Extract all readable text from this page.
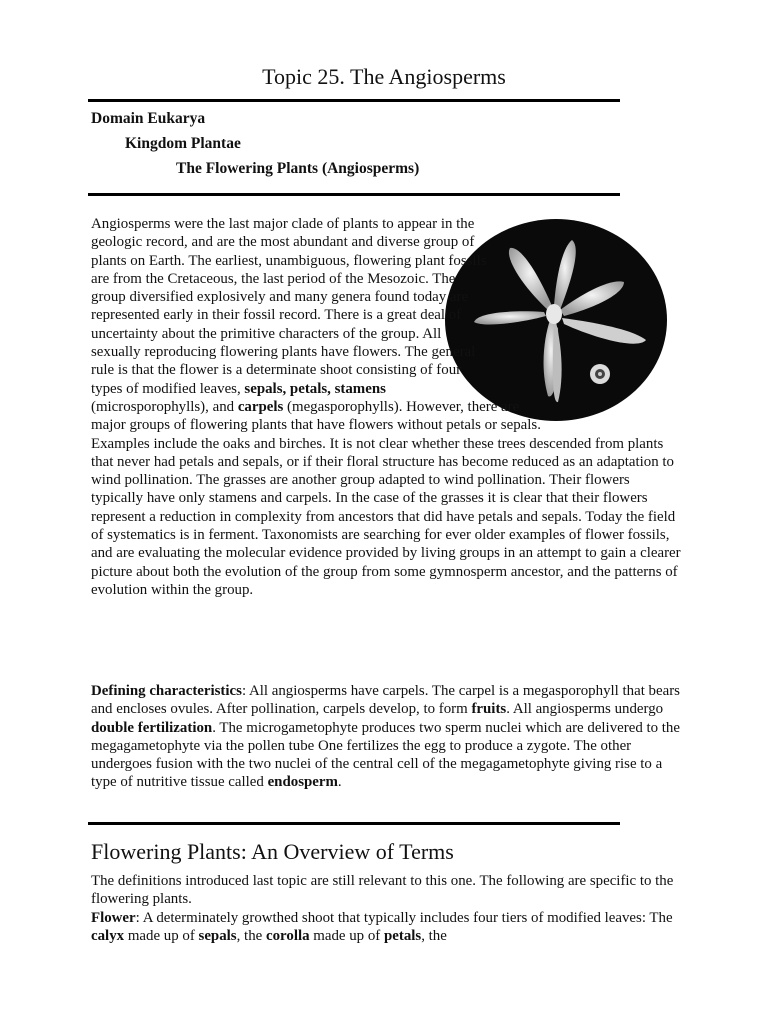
Topic 25. The Angiosperms
Domain Eukarya
Kingdom Plantae
The Flowering Plants (Angiosperms)

Angiosperms were the last major clade of plants to appear in the geologic record, and are the most abundant and diverse group of plants on Earth. The earliest, unambiguous, flowering plant fossils are from the Cretaceous, the last period of the Mesozoic. The group diversified explosively and many genera found today are represented early in their fossil record. There is a great deal of uncertainty about the primitive characters of the group. All sexually reproducing flowering plants have flowers. The general rule is that the flower is a determinate shoot consisting of four types of modified leaves, sepals, petals, stamens (microsporophylls), and carpels (megasporophylls). However, there are major groups of flowering plants that have flowers without petals or sepals. Examples include the oaks and birches. It is not clear whether these trees descended from plants that never had petals and sepals, or if their floral structure has become reduced as an adaptation to wind pollination. The grasses are another group adapted to wind pollination. Their flowers typically have only stamens and carpels. In the case of the grasses it is clear that their flowers represent a reduction in complexity from ancestors that did have petals and sepals. Today the field of systematics is in ferment. Taxonomists are searching for ever older examples of flower fossils, and are evaluating the molecular evidence provided by living groups in an attempt to gain a clearer picture about both the evolution of the group from some gymnosperm ancestor, and the patterns of evolution within the group.

Defining characteristics: All angiosperms have carpels. The carpel is a megasporophyll that bears and encloses ovules. After pollination, carpels develop, to form fruits. All angiosperms undergo double fertilization. The microgametophyte produces two sperm nuclei which are delivered to the megagametophyte via the pollen tube One fertilizes the egg to produce a zygote. The other undergoes fusion with the two nuclei of the central cell of the megagametophyte giving rise to a type of nutritive tissue called endosperm.

Flowering Plants: An Overview of Terms

The definitions introduced last topic are still relevant to this one. The following are specific to the flowering plants.
Flower: A determinately growthed shoot that typically includes four tiers of modified leaves: The calyx made up of sepals, the corolla made up of petals, the
